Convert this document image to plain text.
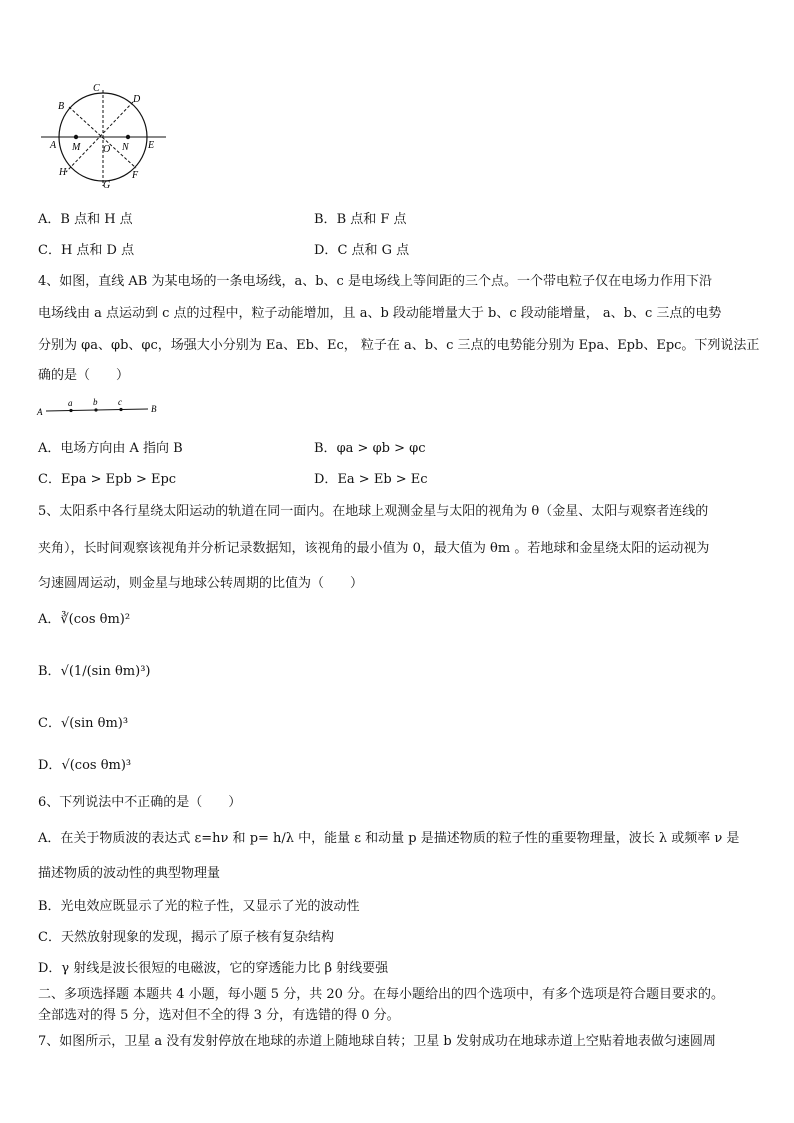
C
D
B
A M O N E
H	F
G
A．B 点和 H 点	B．B 点和 F 点
C．H 点和 D 点	D．C 点和 G 点
4、如图，直线 AB 为某电场的一条电场线，a、b、c 是电场线上等间距的三个点。一个带电粒子仅在电场力作用下沿
电场线由 a 点运动到 c 点的过程中，粒子动能增加，且 a、b 段动能增量大于 b、c 段动能增量， a、b、c 三点的电势
分别为 φa、φb、φc，场强大小分别为 Ea、Eb、Ec， 粒子在 a、b、c 三点的电势能分别为 Epa、Epb、Epc。下列说法正
确的是（　　）
A
a b c
B
A．电场方向由 A 指向 B	B．φa > φb > φc
C．Epa > Epb > Epc	D．Ea > Eb > Ec
5、太阳系中各行星绕太阳运动的轨道在同一面内。在地球上观测金星与太阳的视角为 θ（金星、太阳与观察者连线的
夹角），长时间观察该视角并分析记录数据知，该视角的最小值为 0，最大值为 θm 。若地球和金星绕太阳的运动视为
匀速圆周运动，则金星与地球公转周期的比值为（　　）
A．∛(cos θm)²
B．√(1/(sin θm)³)
C．√(sin θm)³
D．√(cos θm)³
6、下列说法中不正确的是（　　）
A．在关于物质波的表达式 ε=hν 和 p= h/λ 中，能量 ε 和动量 p 是描述物质的粒子性的重要物理量，波长 λ 或频率 ν 是
描述物质的波动性的典型物理量
B．光电效应既显示了光的粒子性，又显示了光的波动性
C．天然放射现象的发现，揭示了原子核有复杂结构
D．γ 射线是波长很短的电磁波，它的穿透能力比 β 射线要强
二、多项选择题 本题共 4 小题，每小题 5 分，共 20 分。在每小题给出的四个选项中，有多个选项是符合题目要求的。
全部选对的得 5 分，选对但不全的得 3 分，有选错的得 0 分。
7、如图所示，卫星 a 没有发射停放在地球的赤道上随地球自转；卫星 b 发射成功在地球赤道上空贴着地表做匀速圆周
